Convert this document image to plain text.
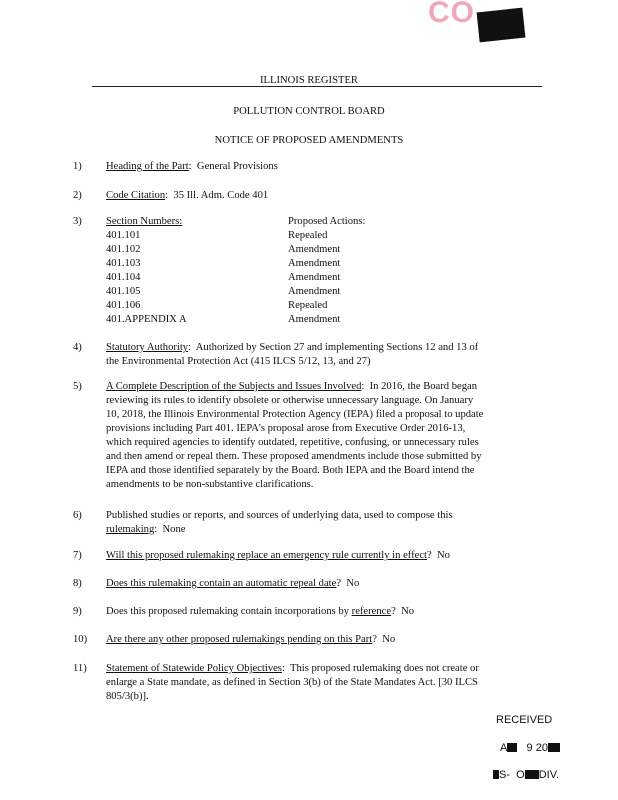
CO
ILLINOIS REGISTER
POLLUTION CONTROL BOARD
NOTICE OF PROPOSED AMENDMENTS
1) Heading of the Part:  General Provisions
2) Code Citation:  35 Ill. Adm. Code 401
3) Section Numbers:	Proposed Actions:
401.101	Repealed
401.102	Amendment
401.103	Amendment
401.104	Amendment
401.105	Amendment
401.106	Repealed
401.APPENDIX A	Amendment
4) Statutory Authority:  Authorized by Section 27 and implementing Sections 12 and 13 of
the Environmental Protection Act (415 ILCS 5/12, 13, and 27)
5) A Complete Description of the Subjects and Issues Involved:  In 2016, the Board began
reviewing its rules to identify obsolete or otherwise unnecessary language. On January
10, 2018, the Illinois Environmental Protection Agency (IEPA) filed a proposal to update
provisions including Part 401. IEPA's proposal arose from Executive Order 2016-13,
which required agencies to identify outdated, repetitive, confusing, or unnecessary rules
and then amend or repeal them. These proposed amendments include those submitted by
IEPA and those identified separately by the Board. Both IEPA and the Board intend the
amendments to be non-substantive clarifications.
6) Published studies or reports, and sources of underlying data, used to compose this
rulemaking:  None
7) Will this proposed rulemaking replace an emergency rule currently in effect?  No
8) Does this rulemaking contain an automatic repeal date?  No
9) Does this proposed rulemaking contain incorporations by reference?  No
10) Are there any other proposed rulemakings pending on this Part?  No
11) Statement of Statewide Policy Objectives:  This proposed rulemaking does not create or
enlarge a State mandate, as defined in Section 3(b) of the State Mandates Act. [30 ILCS
805/3(b)].
RECEIVED
A 9 20
S- O DIV.
